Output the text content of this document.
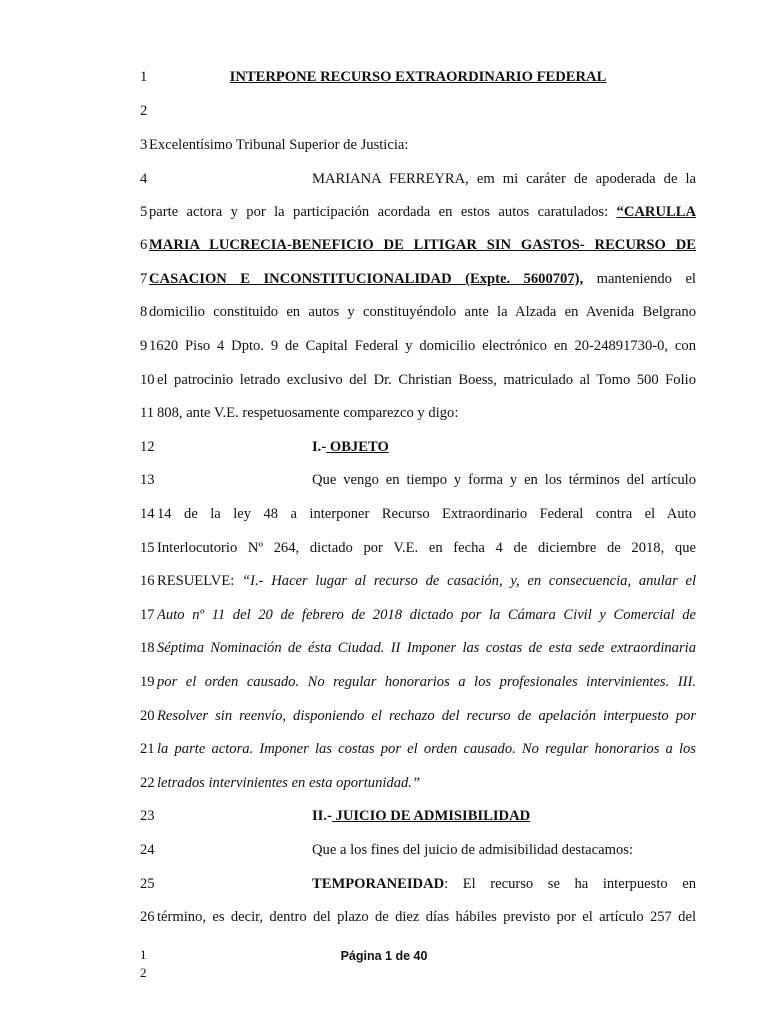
1	INTERPONE RECURSO EXTRAORDINARIO FEDERAL
2
3 Excelentísimo Tribunal Superior de Justicia:
4	MARIANA FERREYRA, em mi caráter de apoderada de la
5 parte actora y por la participación acordada en estos autos caratulados: “CARULLA
6 MARIA LUCRECIA-BENEFICIO DE LITIGAR SIN GASTOS- RECURSO DE
7 CASACION E INCONSTITUCIONALIDAD (Expte. 5600707), manteniendo el
8 domicilio constituido en autos y constituyéndolo ante la Alzada en Avenida Belgrano
9 1620 Piso 4 Dpto. 9 de Capital Federal y domicilio electrónico en 20-24891730-0, con
10 el patrocinio letrado exclusivo del Dr. Christian Boess, matriculado al Tomo 500 Folio
11 808, ante V.E. respetuosamente comparezco y digo:
12	I.- OBJETO
13	Que vengo en tiempo y forma y en los términos del artículo
14 14 de la ley 48 a interponer Recurso Extraordinario Federal contra el Auto
15 Interlocutorio Nº 264, dictado por V.E. en fecha 4 de diciembre de 2018, que
16 RESUELVE: “I.- Hacer lugar al recurso de casación, y, en consecuencia, anular el
17 Auto nº 11 del 20 de febrero de 2018 dictado por la Cámara Civil y Comercial de
18 Séptima Nominación de ésta Ciudad. II Imponer las costas de esta sede extraordinaria
19 por el orden causado. No regular honorarios a los profesionales intervinientes. III.
20 Resolver sin reenvío, disponiendo el rechazo del recurso de apelación interpuesto por
21 la parte actora. Imponer las costas por el orden causado. No regular honorarios a los
22 letrados intervinientes en esta oportunidad.”
23	II.- JUICIO DE ADMISIBILIDAD
24	Que a los fines del juicio de admisibilidad destacamos:
25	TEMPORANEIDAD: El recurso se ha interpuesto en
26 término, es decir, dentro del plazo de diez días hábiles previsto por el artículo 257 del
1
2
Página 1 de 40
